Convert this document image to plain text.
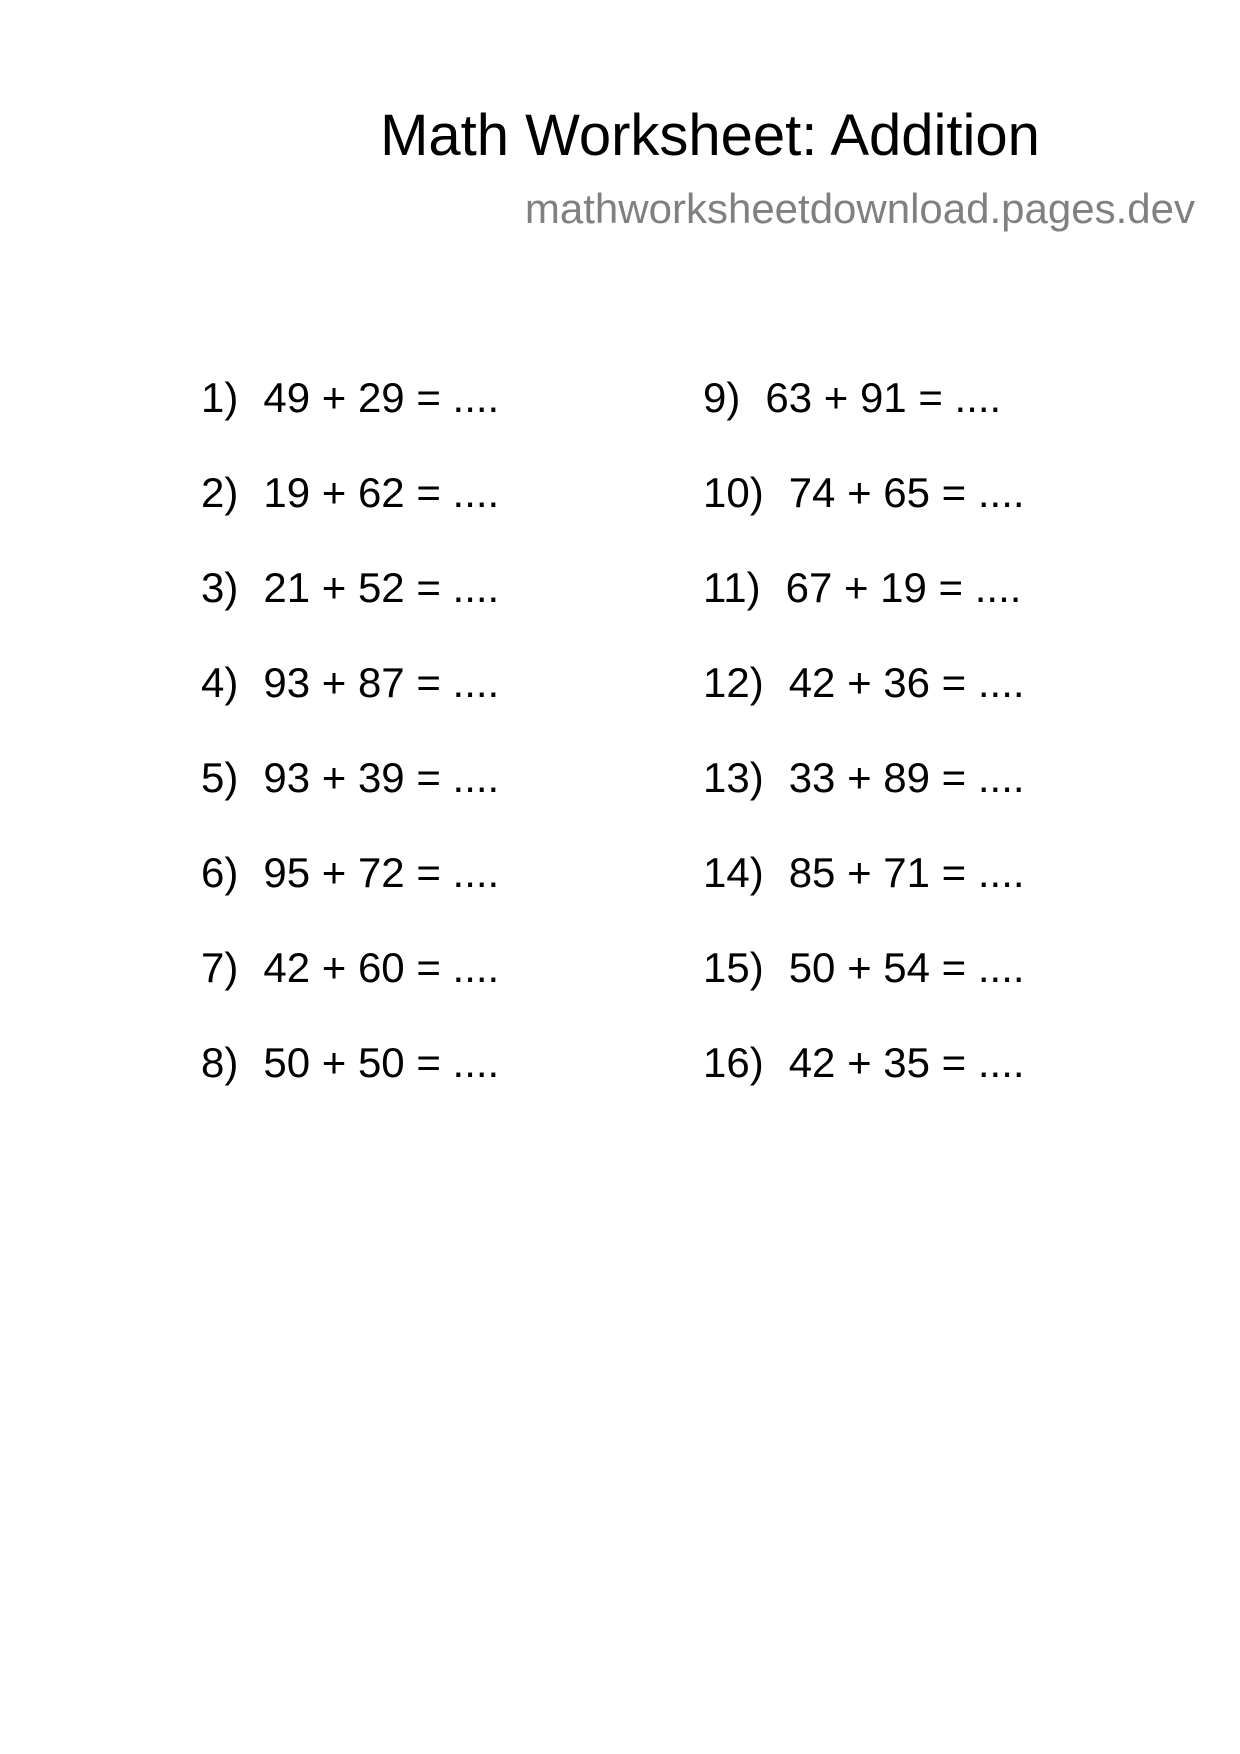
Math Worksheet: Addition
mathworksheetdownload.pages.dev
1) 49 + 29 = ....
2) 19 + 62 = ....
3) 21 + 52 = ....
4) 93 + 87 = ....
5) 93 + 39 = ....
6) 95 + 72 = ....
7) 42 + 60 = ....
8) 50 + 50 = ....
9) 63 + 91 = ....
10) 74 + 65 = ....
11) 67 + 19 = ....
12) 42 + 36 = ....
13) 33 + 89 = ....
14) 85 + 71 = ....
15) 50 + 54 = ....
16) 42 + 35 = ....
